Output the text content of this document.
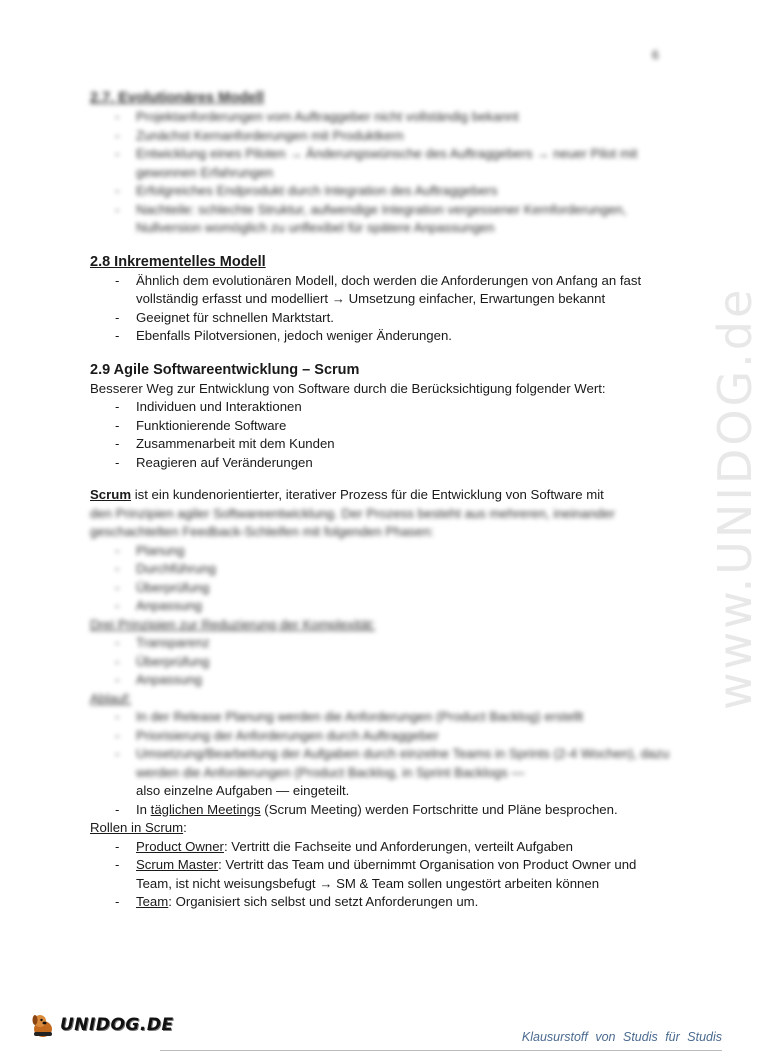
6
www.UNIDOG.de
2.7. Evolutionäres Modell
- Projektanforderungen vom Auftraggeber nicht vollständig bekannt
- Zunächst Kernanforderungen mit Produktkern
- Entwicklung eines Piloten → Änderungswünsche des Auftraggebers → neuer Pilot mit gewonnen Erfahrungen
- Erfolgreiches Endprodukt durch Integration des Auftraggebers
- Nachteile: schlechte Struktur, aufwendige Integration vergessener Kernforderungen, Nullversion womöglich zu unflexibel für spätere Anpassungen
2.8 Inkrementelles Modell
- Ähnlich dem evolutionären Modell, doch werden die Anforderungen von Anfang an fast vollständig erfasst und modelliert → Umsetzung einfacher, Erwartungen bekannt
- Geeignet für schnellen Marktstart.
- Ebenfalls Pilotversionen, jedoch weniger Änderungen.
2.9 Agile Softwareentwicklung – Scrum
Besserer Weg zur Entwicklung von Software durch die Berücksichtigung folgender Wert:
- Individuen und Interaktionen
- Funktionierende Software
- Zusammenarbeit mit dem Kunden
- Reagieren auf Veränderungen
Scrum ist ein kundenorientierter, iterativer Prozess für die Entwicklung von Software mit
den Prinzipien agiler Softwareentwicklung. Der Prozess besteht aus mehreren, ineinander geschachtelten Feedback-Schleifen mit folgenden Phasen:
- Planung
- Durchführung
- Überprüfung
- Anpassung
Drei Prinzipien zur Reduzierung der Komplexität:
- Transparenz
- Überprüfung
- Anpassung
Ablauf:
- In der Release Planung werden die Anforderungen (Product Backlog) erstellt
- Priorisierung der Anforderungen durch Auftraggeber
- Umsetzung/Bearbeitung der Aufgaben durch einzelne Teams in Sprints (2-4 Wochen), dazu werden die Anforderungen (Product Backlog, in Sprint Backlogs —
- also einzelne Aufgaben — eingeteilt.
- In täglichen Meetings (Scrum Meeting) werden Fortschritte und Pläne besprochen.
Rollen in Scrum:
- Product Owner: Vertritt die Fachseite und Anforderungen, verteilt Aufgaben
- Scrum Master: Vertritt das Team und übernimmt Organisation von Product Owner und Team, ist nicht weisungsbefugt → SM & Team sollen ungestört arbeiten können
- Team: Organisiert sich selbst und setzt Anforderungen um.
UNIDOG.DE
Klausurstoff von Studis für Studis
